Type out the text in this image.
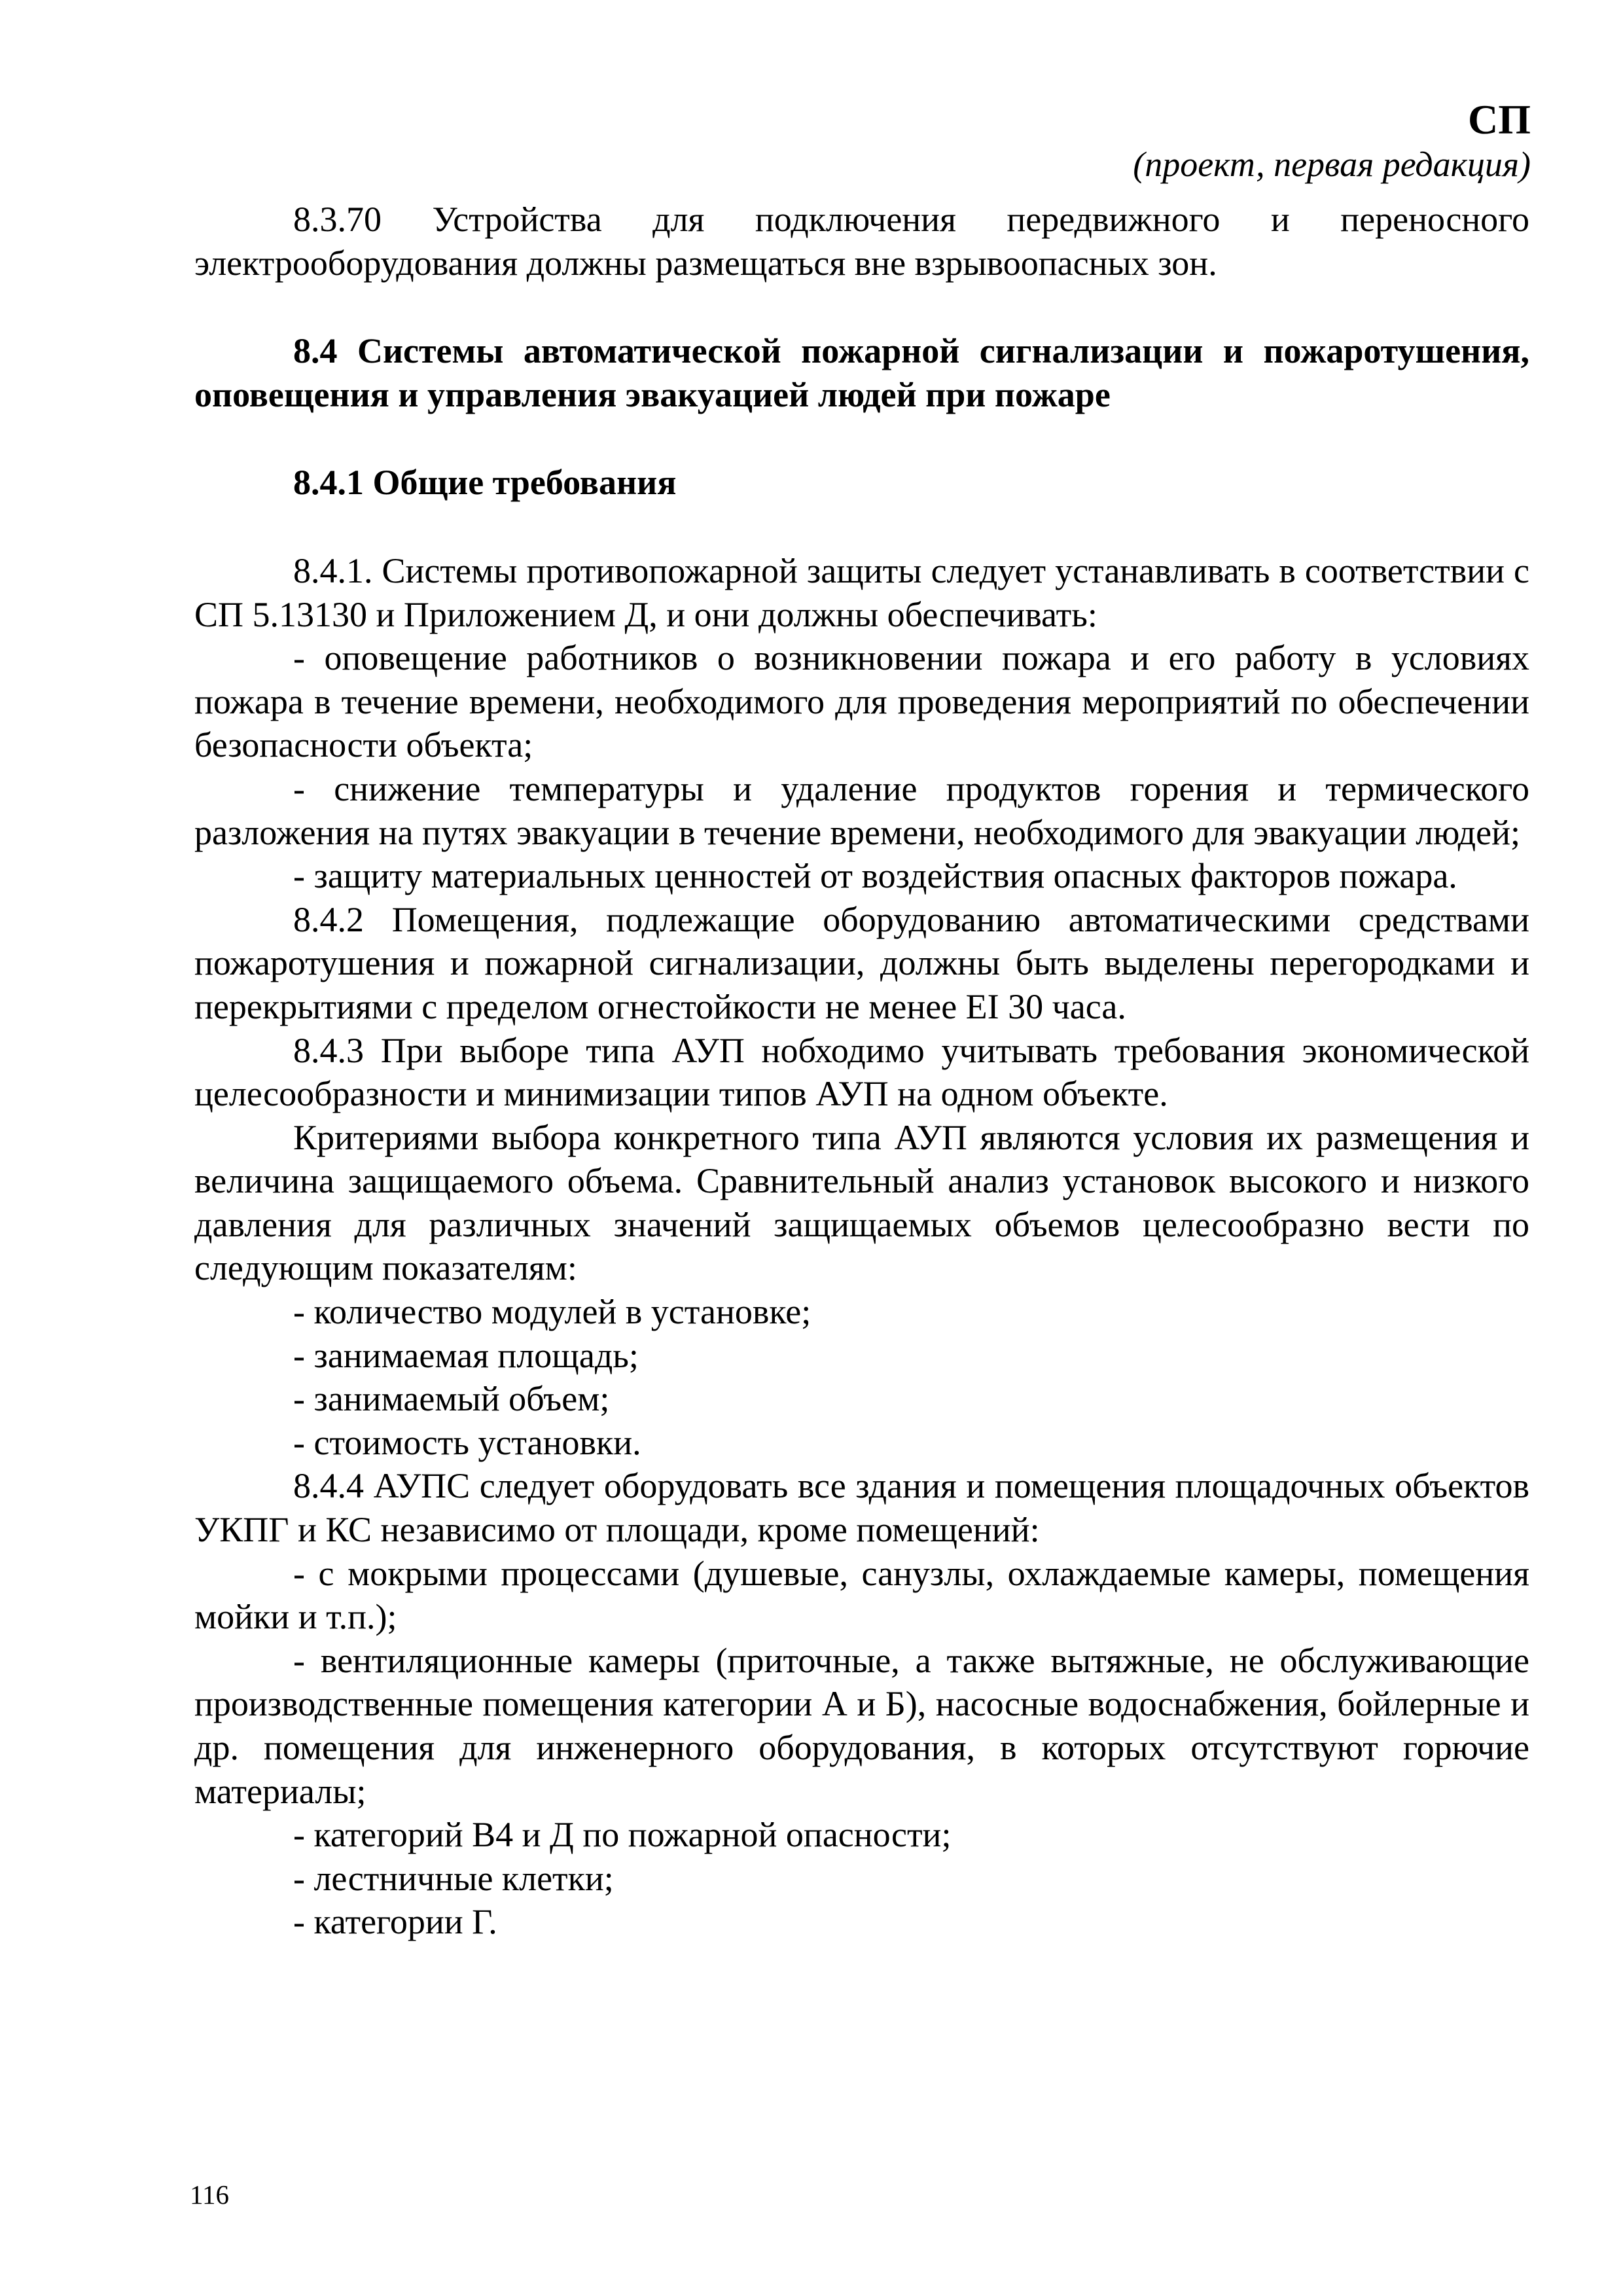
СП
(проект, первая редакция)

8.3.70 Устройства для подключения передвижного и переносного электрооборудования должны размещаться вне взрывоопасных зон.

8.4 Системы автоматической пожарной сигнализации и пожаротушения, оповещения и управления эвакуацией людей при пожаре

8.4.1 Общие требования

8.4.1. Системы противопожарной защиты следует устанавливать в соответствии с СП 5.13130 и Приложением Д, и они должны обеспечивать:

- оповещение работников о возникновении пожара и его работу в условиях пожара в течение времени, необходимого для проведения мероприятий по обеспечении безопасности объекта;

- снижение температуры и удаление продуктов горения и термического разложения на путях эвакуации в течение времени, необходимого для эвакуации людей;

- защиту материальных ценностей от воздействия опасных факторов пожара.

8.4.2 Помещения, подлежащие оборудованию автоматическими средствами пожаротушения и пожарной сигнализации, должны быть выделены перегородками и перекрытиями с пределом огнестойкости не менее EI 30 часа.

8.4.3 При выборе типа АУП нобходимо учитывать требования экономической целесообразности и минимизации типов АУП на одном объекте.

Критериями выбора конкретного типа АУП являются условия их размещения и величина защищаемого объема. Сравнительный анализ установок высокого и низкого давления для различных значений защищаемых объемов целесообразно вести по следующим показателям:

- количество модулей в установке;

- занимаемая площадь;

- занимаемый объем;

- стоимость установки.

8.4.4 АУПС следует оборудовать все здания и помещения площадочных объектов УКПГ и КС независимо от площади, кроме помещений:

- с мокрыми процессами (душевые, санузлы, охлаждаемые камеры, помещения мойки и т.п.);

- вентиляционные камеры (приточные, а также вытяжные, не обслуживающие производственные помещения категории А и Б), насосные водоснабжения, бойлерные и др. помещения для инженерного оборудования, в которых отсутствуют горючие материалы;

- категорий В4 и Д по пожарной опасности;

- лестничные клетки;

- категории Г.

116
